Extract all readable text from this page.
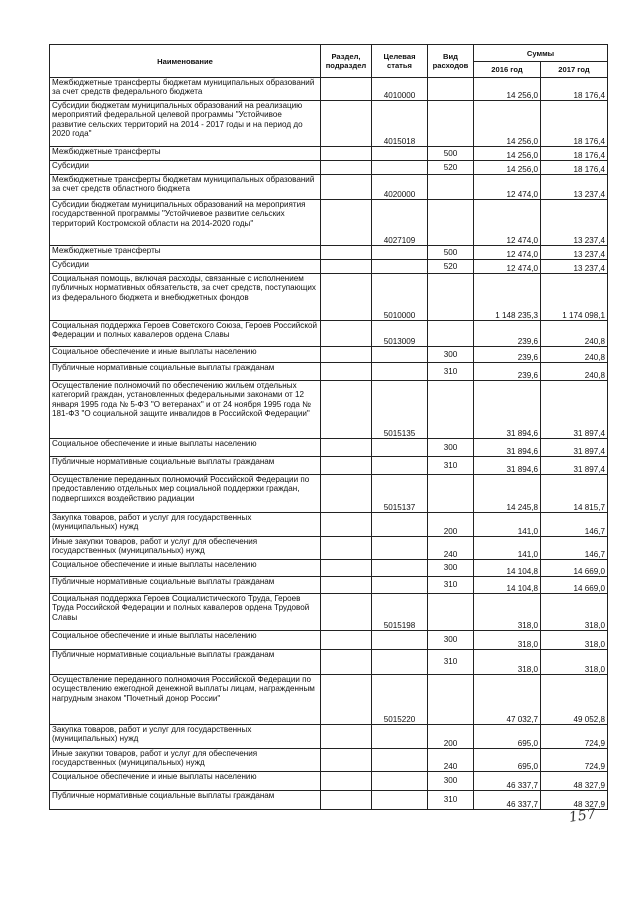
Наименование	Раздел, подраздел	Целевая статья	Вид расходов	Суммы	
				2016 год	2017 год
Межбюджетные трансферты бюджетам муниципальных образований за счет средств федерального бюджета		4010000		14 256,0	18 176,4
Субсидии бюджетам муниципальных образований на реализацию мероприятий федеральной целевой программы "Устойчивое развитие сельских территорий на 2014 - 2017 годы и на период до 2020 года"		4015018		14 256,0	18 176,4
Межбюджетные трансферты			500	14 256,0	18 176,4
Субсидии			520	14 256,0	18 176,4
Межбюджетные трансферты бюджетам муниципальных образований за счет средств областного бюджета		4020000		12 474,0	13 237,4
Субсидии бюджетам муниципальных образований на мероприятия государственной программы "Устойчиевое развитие сельских территорий Костромской области на 2014-2020 годы"		4027109		12 474,0	13 237,4
Межбюджетные трансферты			500	12 474,0	13 237,4
Субсидии			520	12 474,0	13 237,4
Социальная помощь, включая расходы, связанные с исполнением публичных нормативных обязательств, за счет средств, поступающих из федерального бюджета и внебюджетных фондов		5010000		1 148 235,3	1 174 098,1
Социальная поддержка Героев Советского Союза, Героев Российской Федерации и полных кавалеров ордена Славы		5013009		239,6	240,8
Социальное обеспечение и иные выплаты населению			300	239,6	240,8
Публичные нормативные социальные выплаты гражданам			310	239,6	240,8
Осуществление полномочий по обеспечению жильем отдельных категорий граждан, установленных федеральными законами от 12 января 1995 года № 5-ФЗ "О ветеранах" и от 24 ноября 1995 года № 181-ФЗ "О социальной защите инвалидов в Российской Федерации"		5015135		31 894,6	31 897,4
Социальное обеспечение и иные выплаты населению			300	31 894,6	31 897,4
Публичные нормативные социальные выплаты гражданам			310	31 894,6	31 897,4
Осуществление переданных полномочий Российской Федерации по предоставлению отдельных мер социальной поддержки граждан, подвергшихся воздействию радиации		5015137		14 245,8	14 815,7
Закупка товаров, работ и услуг для государственных (муниципальных) нужд			200	141,0	146,7
Иные закупки товаров, работ и услуг для обеспечения государственных (муниципальных) нужд			240	141,0	146,7
Социальное обеспечение и иные выплаты населению			300	14 104,8	14 669,0
Публичные нормативные социальные выплаты гражданам			310	14 104,8	14 669,0
Социальная поддержка Героев Социалистического Труда, Героев Труда Российской Федерации и полных кавалеров ордена Трудовой Славы		5015198		318,0	318,0
Социальное обеспечение и иные выплаты населению			300	318,0	318,0
Публичные нормативные социальные выплаты гражданам			310	318,0	318,0
Осуществление переданного полномочия Российской Федерации по осуществлению ежегодной денежной выплаты лицам, награжденным нагрудным знаком "Почетный донор России"		5015220		47 032,7	49 052,8
Закупка товаров, работ и услуг для государственных (муниципальных) нужд			200	695,0	724,9
Иные закупки товаров, работ и услуг для обеспечения государственных (муниципальных) нужд			240	695,0	724,9
Социальное обеспечение и иные выплаты населению			300	46 337,7	48 327,9
Публичные нормативные социальные выплаты гражданам			310	46 337,7	48 327,9
157
